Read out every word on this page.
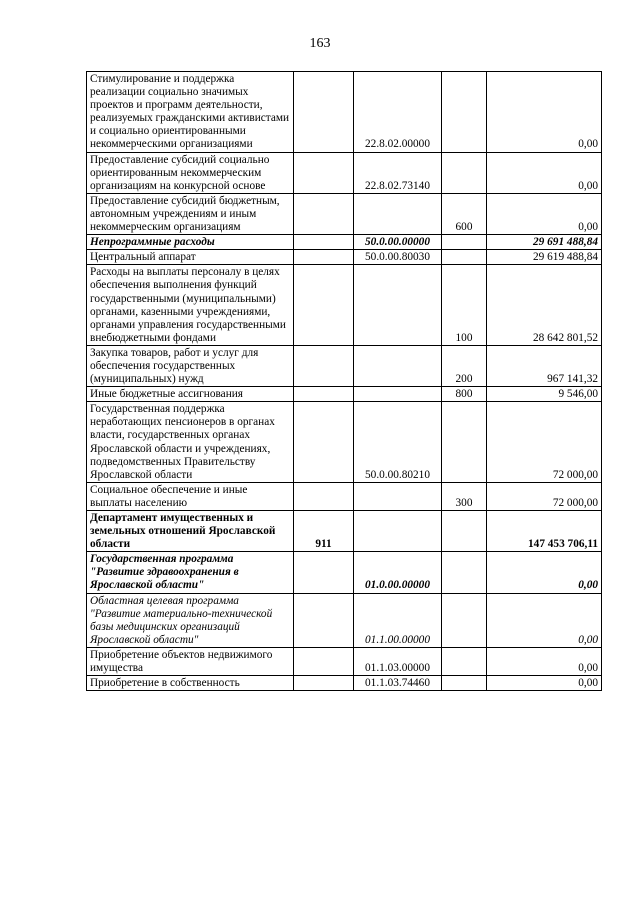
163
Стимулирование и поддержка реализации социально значимых проектов и программ деятельности, реализуемых гражданскими активистами и социально ориентированными некоммерческими организациями		22.8.02.00000		0,00
Предоставление субсидий социально ориентированным некоммерческим организациям на конкурсной основе		22.8.02.73140		0,00
Предоставление субсидий бюджетным, автономным учреждениям и иным некоммерческим организациям			600	0,00
Непрограммные расходы		50.0.00.00000		29 691 488,84
Центральный аппарат		50.0.00.80030		29 619 488,84
Расходы на выплаты персоналу в целях обеспечения выполнения функций государственными (муниципальными) органами, казенными учреждениями, органами управления государственными внебюджетными фондами			100	28 642 801,52
Закупка товаров, работ и услуг для обеспечения государственных (муниципальных) нужд			200	967 141,32
Иные бюджетные ассигнования			800	9 546,00
Государственная поддержка неработающих пенсионеров в органах власти, государственных органах Ярославской области и учреждениях, подведомственных Правительству Ярославской области		50.0.00.80210		72 000,00
Социальное обеспечение и иные выплаты населению			300	72 000,00
Департамент имущественных и земельных отношений Ярославской области	911			147 453 706,11
Государственная программа "Развитие здравоохранения в Ярославской области"		01.0.00.00000		0,00
Областная целевая программа "Развитие материально-технической базы медицинских организаций Ярославской области"		01.1.00.00000		0,00
Приобретение объектов недвижимого имущества		01.1.03.00000		0,00
Приобретение в собственность		01.1.03.74460		0,00
